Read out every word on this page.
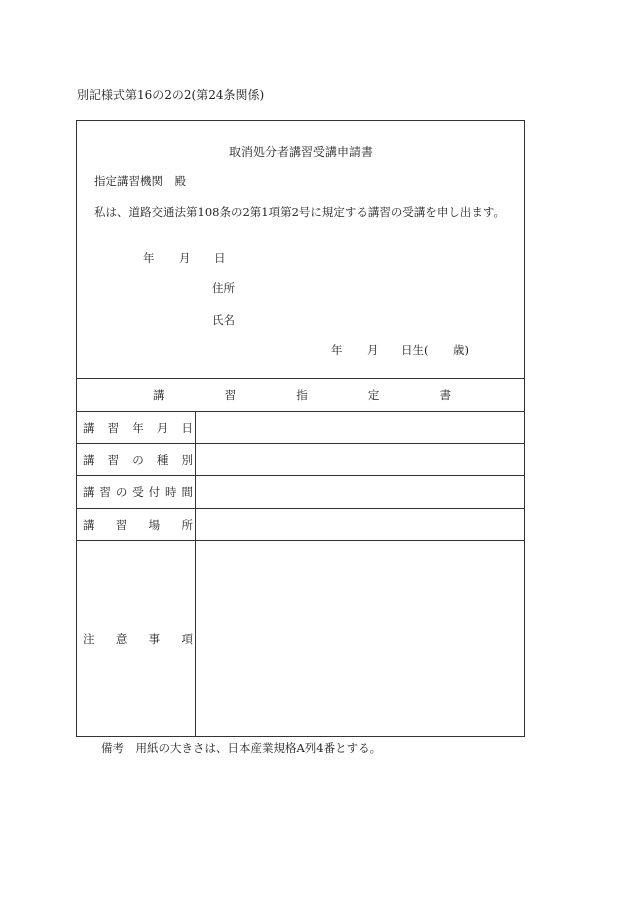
別記様式第16の2の2(第24条関係)
取消処分者講習受講申請書
指定講習機関　殿
私は、道路交通法第108条の2第1項第2号に規定する講習の受講を申し出ます。
年 月 日
住所
氏名
年 月 日生( 歳)
講	習	指	定	書
講 習 年 月 日
講 習 の 種 別
講 習 の 受 付 時 間
講 習 場 所
注 意 事 項
備考　用紙の大きさは、日本産業規格A列4番とする。
